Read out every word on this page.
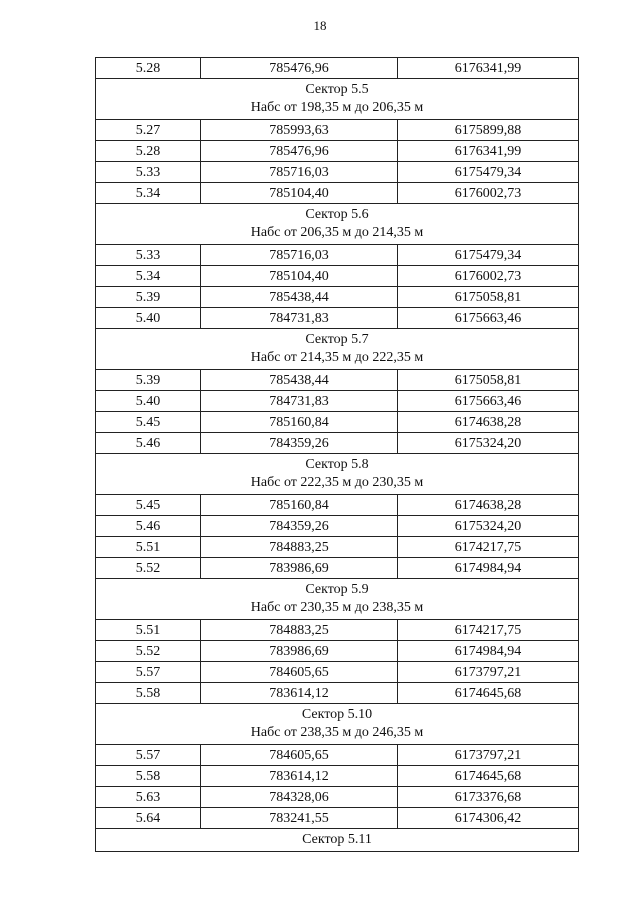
18
5.28	785476,96	6176341,99

Сектор 5.5
Набс от 198,35 м до 206,35 м		

5.27	785993,63	6175899,88
5.28	785476,96	6176341,99
5.33	785716,03	6175479,34
5.34	785104,40	6176002,73

Сектор 5.6
Набс от 206,35 м до 214,35 м		

5.33	785716,03	6175479,34
5.34	785104,40	6176002,73
5.39	785438,44	6175058,81
5.40	784731,83	6175663,46

Сектор 5.7
Набс от 214,35 м до 222,35 м		

5.39	785438,44	6175058,81
5.40	784731,83	6175663,46
5.45	785160,84	6174638,28
5.46	784359,26	6175324,20

Сектор 5.8
Набс от 222,35 м до 230,35 м		

5.45	785160,84	6174638,28
5.46	784359,26	6175324,20
5.51	784883,25	6174217,75
5.52	783986,69	6174984,94

Сектор 5.9
Набс от 230,35 м до 238,35 м		

5.51	784883,25	6174217,75
5.52	783986,69	6174984,94
5.57	784605,65	6173797,21
5.58	783614,12	6174645,68

Сектор 5.10
Набс от 238,35 м до 246,35 м		

5.57	784605,65	6173797,21
5.58	783614,12	6174645,68
5.63	784328,06	6173376,68
5.64	783241,55	6174306,42

Сектор 5.11		
